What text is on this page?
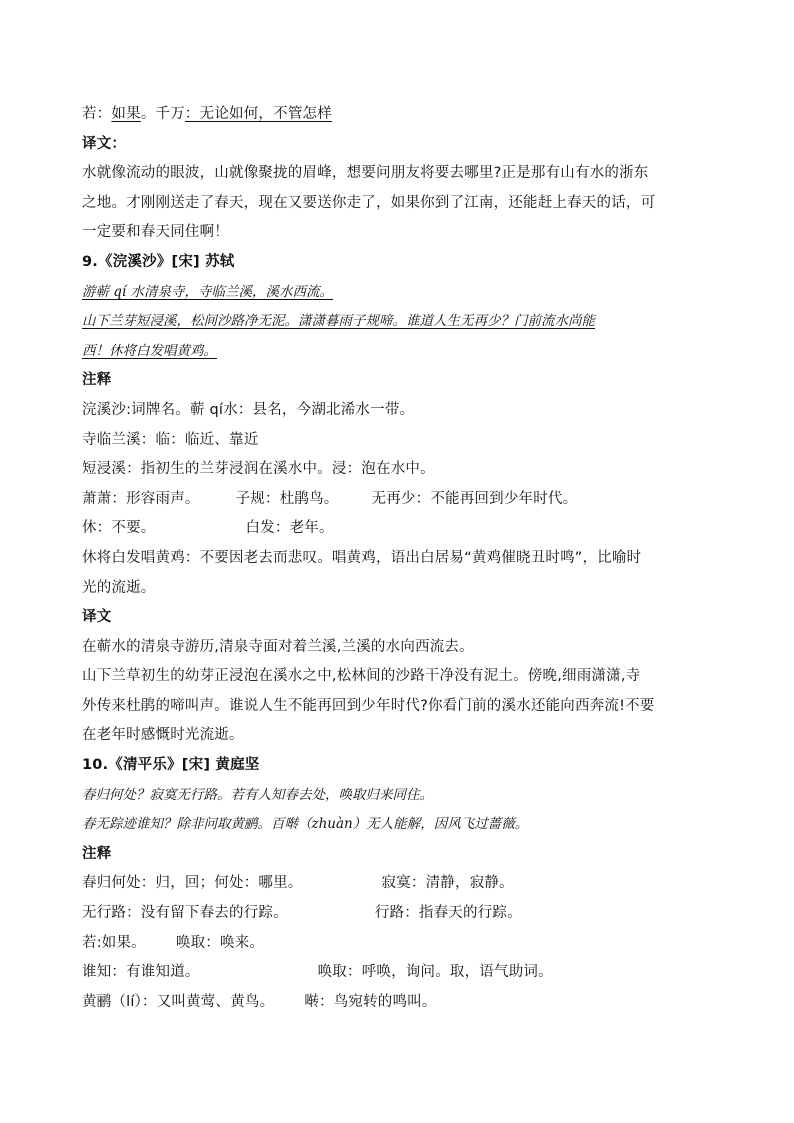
若：如果。千万：无论如何，不管怎样
译文：
水就像流动的眼波，山就像聚拢的眉峰，想要问朋友将要去哪里?正是那有山有水的浙东
之地。才刚刚送走了春天，现在又要送你走了，如果你到了江南，还能赶上春天的话，可
一定要和春天同住啊！
9.《浣溪沙》[宋] 苏轼
游蕲 qí 水清泉寺，寺临兰溪，溪水西流。
山下兰芽短浸溪，松间沙路净无泥。潇潇暮雨子规啼。谁道人生无再少？门前流水尚能
西！休将白发唱黄鸡。
注释
浣溪沙:词牌名。蕲 qí水：县名，今湖北浠水一带。
寺临兰溪：临：临近、靠近
短浸溪：指初生的兰芽浸润在溪水中。浸：泡在水中。
萧萧：形容雨声。 子规：杜鹃鸟。 无再少：不能再回到少年时代。
休：不要。	白发：老年。
休将白发唱黄鸡：不要因老去而悲叹。唱黄鸡，语出白居易“黄鸡催晓丑时鸣”，比喻时
光的流逝。
译文
在蕲水的清泉寺游历,清泉寺面对着兰溪,兰溪的水向西流去。
山下兰草初生的幼芽正浸泡在溪水之中,松林间的沙路干净没有泥土。傍晚,细雨潇潇,寺
外传来杜鹃的啼叫声。谁说人生不能再回到少年时代?你看门前的溪水还能向西奔流!不要
在老年时感慨时光流逝。
10.《清平乐》[宋] 黄庭坚
春归何处？寂寞无行路。若有人知春去处，唤取归来同住。
春无踪迹谁知？除非问取黄鹂。百啭（zhuàn）无人能解，因风飞过蔷薇。
注释
春归何处：归，回；何处：哪里。	寂寞：清静，寂静。
无行路：没有留下春去的行踪。	行路：指春天的行踪。
若:如果。 唤取：唤来。
谁知：有谁知道。	唤取：呼唤，询问。取，语气助词。
黄鹂（lí）：又叫黄莺、黄鸟。 啭：鸟宛转的鸣叫。
